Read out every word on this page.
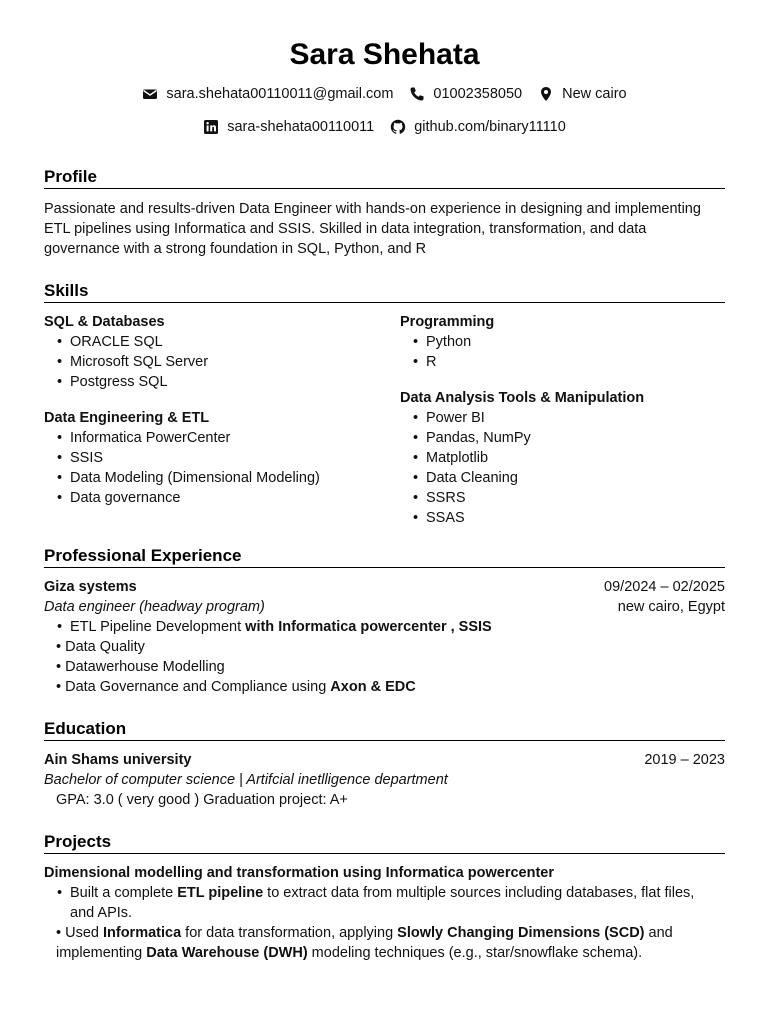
Sara Shehata
sara.shehata00110011@gmail.com	01002358050	New cairo
sara-shehata00110011	github.com/binary11110
Profile

Passionate and results-driven Data Engineer with hands-on experience in designing and implementing ETL pipelines using Informatica and SSIS. Skilled in data integration, transformation, and data governance with a strong foundation in SQL, Python, and R

Skills
SQL & Databases
• ORACLE SQL
• Microsoft SQL Server
• Postgress SQL
Data Engineering & ETL
• Informatica PowerCenter
• SSIS
• Data Modeling (Dimensional Modeling)
• Data governance
Programming
• Python
• R
Data Analysis Tools & Manipulation
• Power BI
• Pandas, NumPy
• Matplotlib
• Data Cleaning
• SSRS
• SSAS
Professional Experience
Giza systems	09/2024 – 02/2025
Data engineer (headway program)	new cairo, Egypt
• ETL Pipeline Development with Informatica powercenter , SSIS
• Data Quality
• Datawerhouse Modelling
• Data Governance and Compliance using Axon & EDC
Education
Ain Shams university	2019 – 2023
Bachelor of computer science | Artifcial inetlligence department
GPA: 3.0 ( very good ) Graduation project: A+
Projects
Dimensional modelling and transformation using Informatica powercenter
• Built a complete ETL pipeline to extract data from multiple sources including databases, flat files,
and APIs.
• Used Informatica for data transformation, applying Slowly Changing Dimensions (SCD) and
implementing Data Warehouse (DWH) modeling techniques (e.g., star/snowflake schema).
